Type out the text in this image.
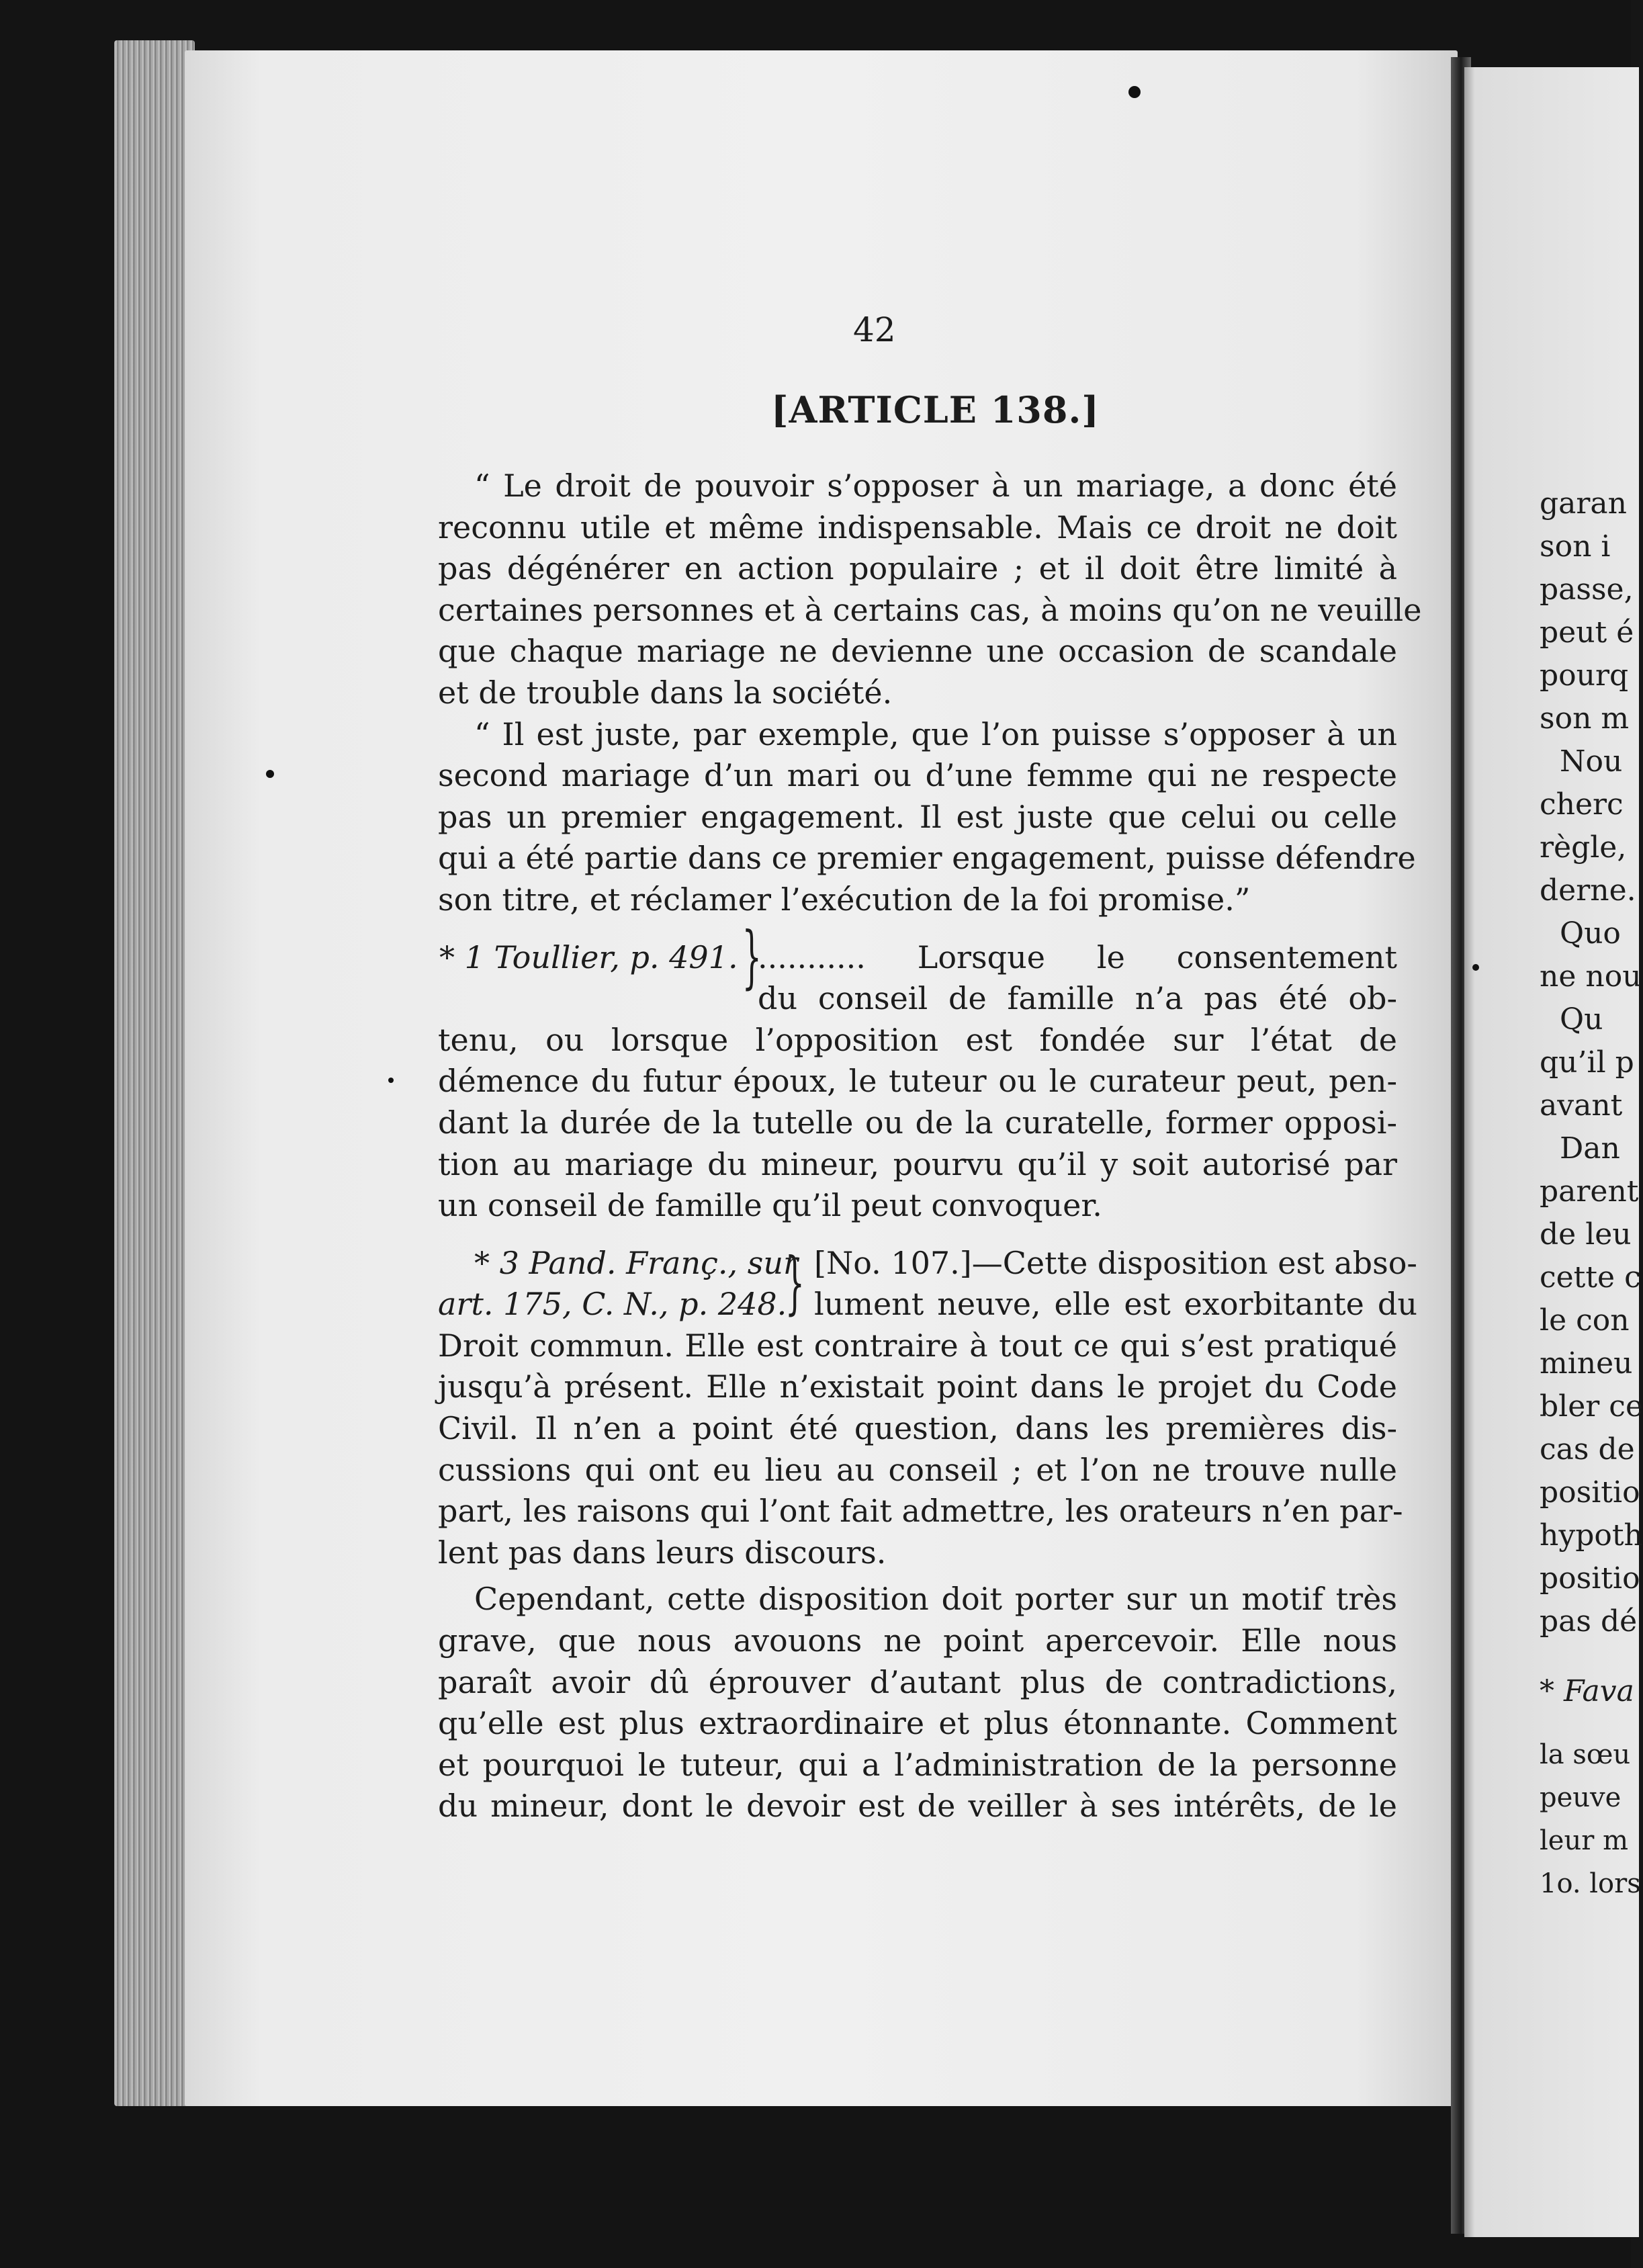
42
[ARTICLE 138.]
“ Le droit de pouvoir s’opposer à un mariage, a donc été
reconnu utile et même indispensable. Mais ce droit ne doit
pas dégénérer en action populaire ; et il doit être limité à
certaines personnes et à certains cas, à moins qu’on ne veuille
que chaque mariage ne devienne une occasion de scandale
et de trouble dans la société.
“ Il est juste, par exemple, que l’on puisse s’opposer à un
second mariage d’un mari ou d’une femme qui ne respecte
pas un premier engagement. Il est juste que celui ou celle
qui a été partie dans ce premier engagement, puisse défendre
son titre, et réclamer l’exécution de la foi promise.”
* 1 Toullier, p. 491. }
........... Lorsque le consentement
du conseil de famille n’a pas été ob-
tenu, ou lorsque l’opposition est fondée sur l’état de
démence du futur époux, le tuteur ou le curateur peut, pen-
dant la durée de la tutelle ou de la curatelle, former opposi-
tion au mariage du mineur, pourvu qu’il y soit autorisé par
un conseil de famille qu’il peut convoquer.
* 3 Pand. Franç., sur
art. 175, C. N., p. 248.
} [No. 107.]—Cette disposition est abso-
lument neuve, elle est exorbitante du
Droit commun. Elle est contraire à tout ce qui s’est pratiqué
jusqu’à présent. Elle n’existait point dans le projet du Code
Civil. Il n’en a point été question, dans les premières dis-
cussions qui ont eu lieu au conseil ; et l’on ne trouve nulle
part, les raisons qui l’ont fait admettre, les orateurs n’en par-
lent pas dans leurs discours.
Cependant, cette disposition doit porter sur un motif très
grave, que nous avouons ne point apercevoir. Elle nous
paraît avoir dû éprouver d’autant plus de contradictions,
qu’elle est plus extraordinaire et plus étonnante. Comment
et pourquoi le tuteur, qui a l’administration de la personne
du mineur, dont le devoir est de veiller à ses intérêts, de le
garan
son i
passe,
peut é
pourq
son m
Nou
cherc
règle,
derne.
Quo
ne nou
Qu
qu’il p
avant
Dan
parent
de leu
cette c
le con
mineu
bler ce
cas de
positio
hypoth
positio
pas dé
* Fava
la sœu
peuve
leur m
1o. lors
